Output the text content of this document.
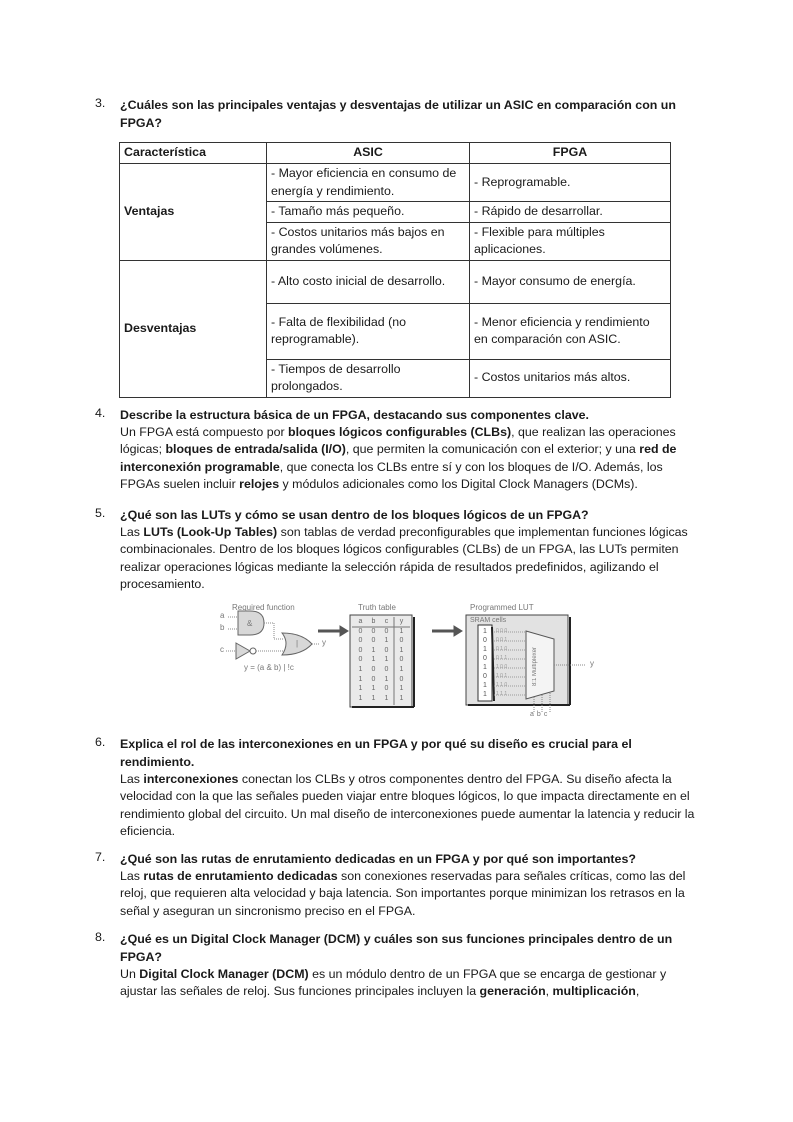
3.	¿Cuáles son las principales ventajas y desventajas de utilizar un ASIC en comparación con un
FPGA?
Característica	ASIC	FPGA
Ventajas	- Mayor eficiencia en consumo de energía y rendimiento.	- Reprogramable.
	- Tamaño más pequeño.	- Rápido de desarrollar.
	- Costos unitarios más bajos en grandes volúmenes.	- Flexible para múltiples aplicaciones.
Desventajas	- Alto costo inicial de desarrollo.	- Mayor consumo de energía.
	- Falta de flexibilidad (no reprogramable).	- Menor eficiencia y rendimiento en comparación con ASIC.
	- Tiempos de desarrollo prolongados.	- Costos unitarios más altos.
4.	Describe la estructura básica de un FPGA, destacando sus componentes clave.
Un FPGA está compuesto por bloques lógicos configurables (CLBs), que realizan las operaciones lógicas; bloques de entrada/salida (I/O), que permiten la comunicación con el exterior; y una red de interconexión programable, que conecta los CLBs entre sí y con los bloques de I/O. Además, los FPGAs suelen incluir relojes y módulos adicionales como los Digital Clock Managers (DCMs).
5.	¿Qué son las LUTs y cómo se usan dentro de los bloques lógicos de un FPGA?
Las LUTs (Look-Up Tables) son tablas de verdad preconfigurables que implementan funciones lógicas combinacionales. Dentro de los bloques lógicos configurables (CLBs) de un FPGA, las LUTs permiten realizar operaciones lógicas mediante la selección rápida de resultados predefinidos, agilizando el procesamiento.
Required function	Truth table	Programmed LUT
SRAM cells
&
|
a
b
c
y
y
y = (a & b) | !c
a	b	c	y
0	0	0	1
0	0	1	0
0	1	0	1
0	1	1	0
1	0	0	1
1	0	1	0
1	1	0	1
1	1	1	1
1
0
1
0
1
0
1
1
0 0 0
0 0 1
0 1 0
0 1 1
1 0 0
1 0 1
1 1 0
1 1 1
8:1 Multiplexer
abc
6.	Explica el rol de las interconexiones en un FPGA y por qué su diseño es crucial para el rendimiento.
Las interconexiones conectan los CLBs y otros componentes dentro del FPGA. Su diseño afecta la velocidad con la que las señales pueden viajar entre bloques lógicos, lo que impacta directamente en el rendimiento global del circuito. Un mal diseño de interconexiones puede aumentar la latencia y reducir la eficiencia.
7.	¿Qué son las rutas de enrutamiento dedicadas en un FPGA y por qué son importantes?
Las rutas de enrutamiento dedicadas son conexiones reservadas para señales críticas, como las del reloj, que requieren alta velocidad y baja latencia. Son importantes porque minimizan los retrasos en la señal y aseguran un sincronismo preciso en el FPGA.
8.	¿Qué es un Digital Clock Manager (DCM) y cuáles son sus funciones principales dentro de un FPGA?
Un Digital Clock Manager (DCM) es un módulo dentro de un FPGA que se encarga de gestionar y ajustar las señales de reloj. Sus funciones principales incluyen la generación, multiplicación,
